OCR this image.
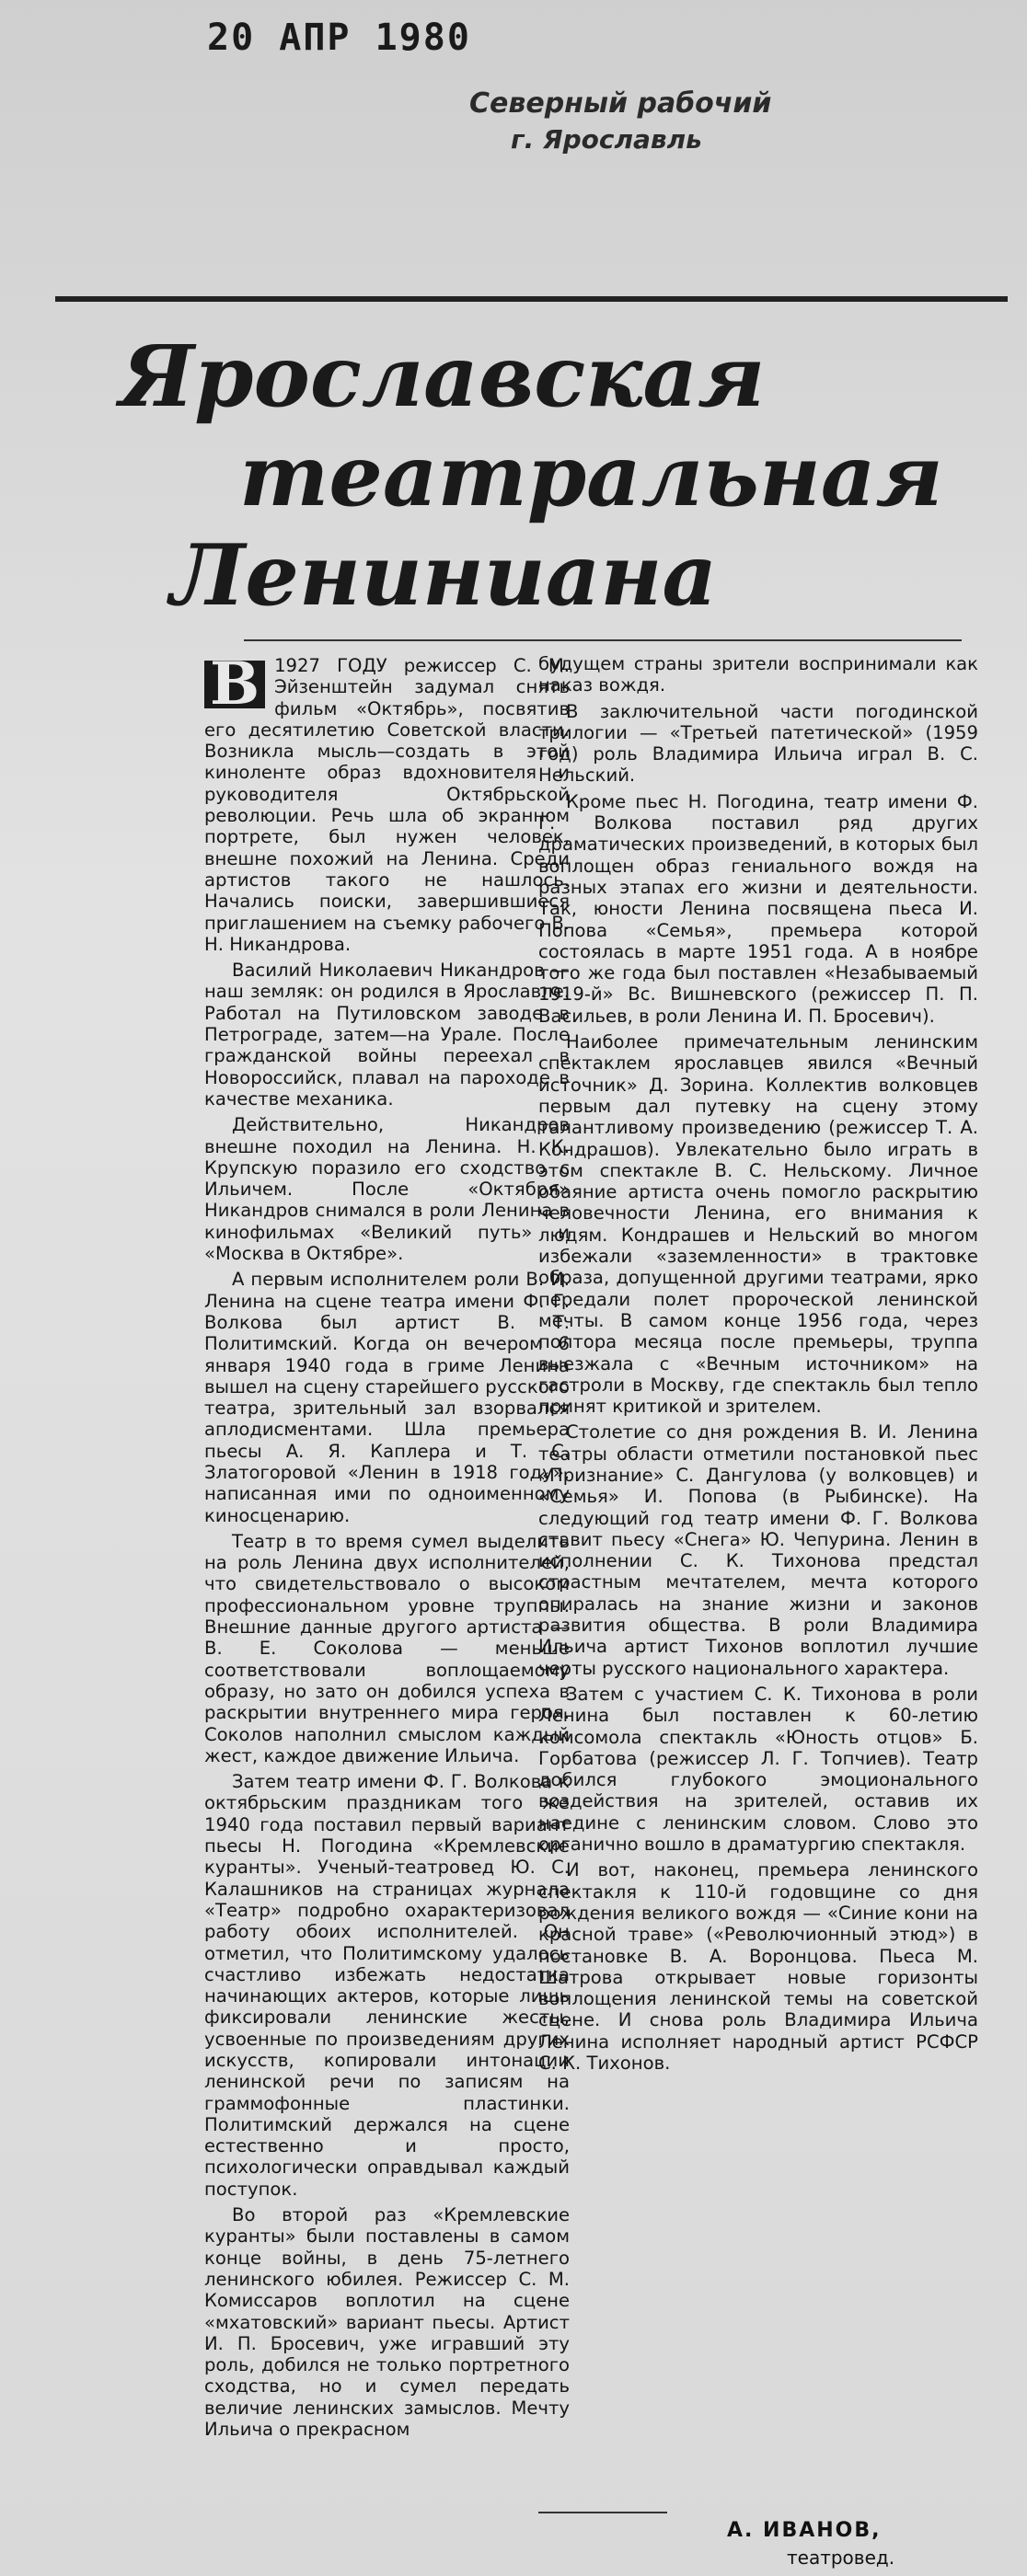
20 АПР 1980
Северный рабочий
г. Ярославль
Ярославская
театральная
Лениниана

В 1927 ГОДУ режиссер С. М. Эйзенштейн задумал снять фильм «Октябрь», посвятив его десятилетию Советской власти. Возникла мысль—создать в этой киноленте образ вдохновителя и руководителя Октябрьской революции. Речь шла об экранном портрете, был нужен человек, внешне похожий на Ленина. Среди артистов такого не нашлось. Начались поиски, завершившиеся приглашением на съемку рабочего В. Н. Никандрова.

Василий Николаевич Никандров — наш земляк: он родился в Ярославле. Работал на Путиловском заводе в Петрограде, затем—на Урале. После гражданской войны переехал в Новороссийск, плавал на пароходе в качестве механика.

Действительно, Никандров внешне походил на Ленина. Н. К. Крупскую поразило его сходство с Ильичем. После «Октября» Никандров снимался в роли Ленина в кинофильмах «Великий путь» и «Москва в Октябре».

А первым исполнителем роли В. И. Ленина на сцене театра имени Ф. Г. Волкова был артист В. Т. Политимский. Когда он вечером 6 января 1940 года в гриме Ленина вышел на сцену старейшего русского театра, зрительный зал взорвался аплодисментами. Шла премьера пьесы А. Я. Каплера и Т. С. Златогоровой «Ленин в 1918 году», написанная ими по одноименному киносценарию.

Театр в то время сумел выделить на роль Ленина двух исполнителей, что свидетельствовало о высоком профессиональном уровне труппы. Внешние данные другого артиста — В. Е. Соколова — меньше соответствовали воплощаемому образу, но зато он добился успеха в раскрытии внутреннего мира героя. Соколов наполнил смыслом каждый жест, каждое движение Ильича.

Затем театр имени Ф. Г. Волкова к октябрьским праздникам того же 1940 года поставил первый вариант пьесы Н. Погодина «Кремлевские куранты». Ученый-театровед Ю. С. Калашников на страницах журнала «Театр» подробно охарактеризовал работу обоих исполнителей. Он отметил, что Политимскому удалось счастливо избежать недостатка начинающих актеров, которые лишь фиксировали ленинские жесты, усвоенные по произведениям других искусств, копировали интонации ленинской речи по записям на граммофонные пластинки. Политимский держался на сцене естественно и просто, психологически оправдывал каждый поступок.

Во второй раз «Кремлевские куранты» были поставлены в самом конце войны, в день 75-летнего ленинского юбилея. Режиссер С. М. Комиссаров воплотил на сцене «мхатовский» вариант пьесы. Артист И. П. Бросевич, уже игравший эту роль, добился не только портретного сходства, но и сумел передать величие ленинских замыслов. Мечту Ильича о прекрасном

будущем страны зрители воспринимали как наказ вождя.

В заключительной части погодинской трилогии — «Третьей патетической» (1959 год) роль Владимира Ильича играл В. С. Нельский.

Кроме пьес Н. Погодина, театр имени Ф. Г. Волкова поставил ряд других драматических произведений, в которых был воплощен образ гениального вождя на разных этапах его жизни и деятельности. Так, юности Ленина посвящена пьеса И. Попова «Семья», премьера которой состоялась в марте 1951 года. А в ноябре того же года был поставлен «Незабываемый 1919-й» Вс. Вишневского (режиссер П. П. Васильев, в роли Ленина И. П. Бросевич).

Наиболее примечательным ленинским спектаклем ярославцев явился «Вечный источник» Д. Зорина. Коллектив волковцев первым дал путевку на сцену этому талантливому произведению (режиссер Т. А. Кондрашов). Увлекательно было играть в этом спектакле В. С. Нельскому. Личное обаяние артиста очень помогло раскрытию человечности Ленина, его внимания к людям. Кондрашев и Нельский во многом избежали «заземленности» в трактовке образа, допущенной другими театрами, ярко передали полет пророческой ленинской мечты. В самом конце 1956 года, через полтора месяца после премьеры, труппа выезжала с «Вечным источником» на гастроли в Москву, где спектакль был тепло принят критикой и зрителем.

Столетие со дня рождения В. И. Ленина театры области отметили постановкой пьес «Признание» С. Дангулова (у волковцев) и «Семья» И. Попова (в Рыбинске). На следующий год театр имени Ф. Г. Волкова ставит пьесу «Снега» Ю. Чепурина. Ленин в исполнении С. К. Тихонова предстал страстным мечтателем, мечта которого опиралась на знание жизни и законов развития общества. В роли Владимира Ильича артист Тихонов воплотил лучшие черты русского национального характера.

Затем с участием С. К. Тихонова в роли Ленина был поставлен к 60-летию комсомола спектакль «Юность отцов» Б. Горбатова (режиссер Л. Г. Топчиев). Театр добился глубокого эмоционального воздействия на зрителей, оставив их наедине с ленинским словом. Слово это органично вошло в драматургию спектакля.

И вот, наконец, премьера ленинского спектакля к 110-й годовщине со дня рождения великого вождя — «Синие кони на красной траве» («Револючионный этюд») в постановке В. А. Воронцова. Пьеса М. Шатрова открывает новые горизонты воплощения ленинской темы на советской сцене. И снова роль Владимира Ильича Ленина исполняет народный артист РСФСР С. К. Тихонов.

А. ИВАНОВ,
театровед.
